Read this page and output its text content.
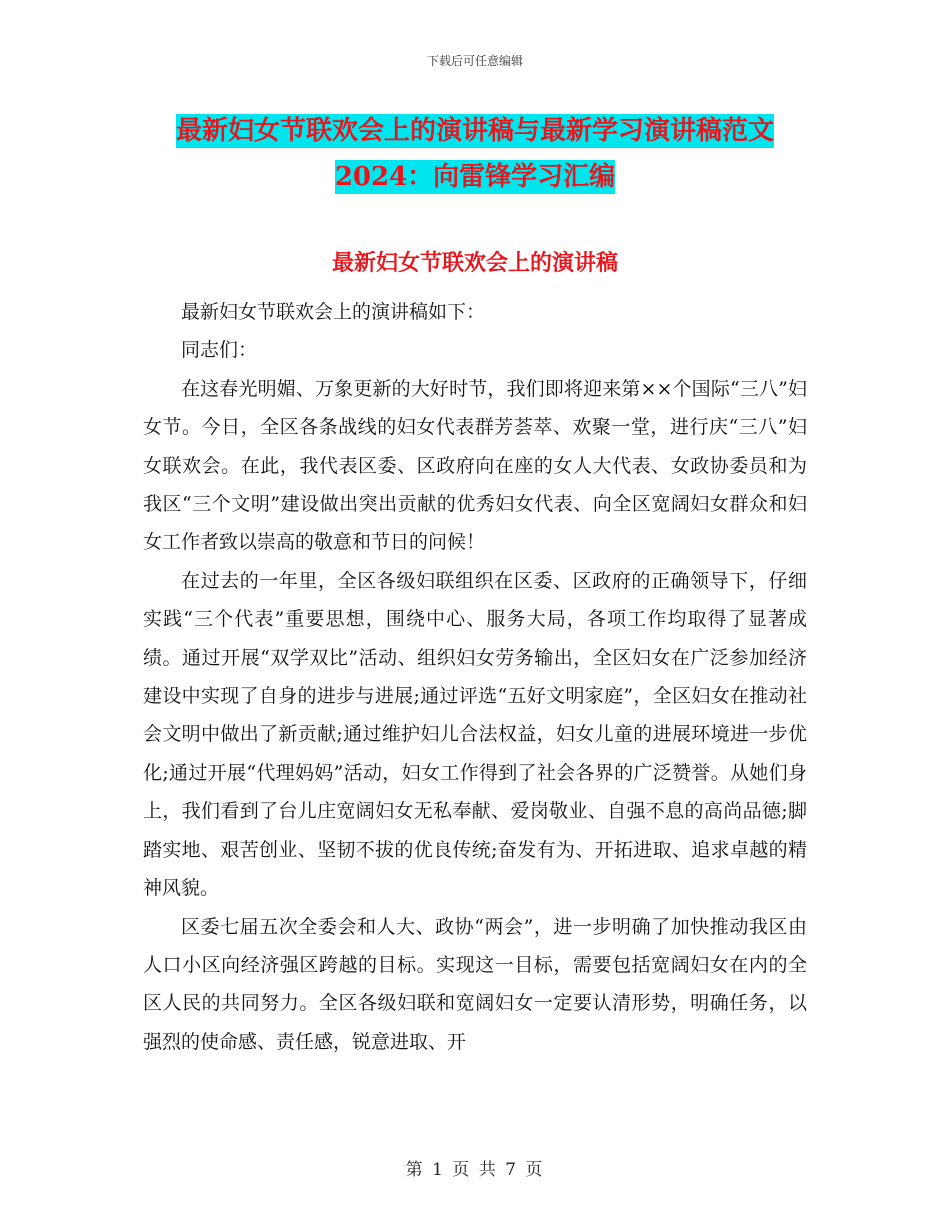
下载后可任意编辑
最新妇女节联欢会上的演讲稿与最新学习演讲稿范文
2024：向雷锋学习汇编
最新妇女节联欢会上的演讲稿

最新妇女节联欢会上的演讲稿如下：

同志们：

在这春光明媚、万象更新的大好时节，我们即将迎来第××个国际“三八”妇女节。今日，全区各条战线的妇女代表群芳荟萃、欢聚一堂，进行庆“三八”妇女联欢会。在此，我代表区委、区政府向在座的女人大代表、女政协委员和为我区“三个文明”建设做出突出贡献的优秀妇女代表、向全区宽阔妇女群众和妇女工作者致以崇高的敬意和节日的问候！

在过去的一年里，全区各级妇联组织在区委、区政府的正确领导下，仔细实践“三个代表”重要思想，围绕中心、服务大局，各项工作均取得了显著成绩。通过开展“双学双比”活动、组织妇女劳务输出，全区妇女在广泛参加经济建设中实现了自身的进步与进展;通过评选“五好文明家庭”，全区妇女在推动社会文明中做出了新贡献;通过维护妇儿合法权益，妇女儿童的进展环境进一步优化;通过开展“代理妈妈”活动，妇女工作得到了社会各界的广泛赞誉。从她们身上，我们看到了台儿庄宽阔妇女无私奉献、爱岗敬业、自强不息的高尚品德;脚踏实地、艰苦创业、坚韧不拔的优良传统;奋发有为、开拓进取、追求卓越的精神风貌。

区委七届五次全委会和人大、政协“两会”，进一步明确了加快推动我区由人口小区向经济强区跨越的目标。实现这一目标，需要包括宽阔妇女在内的全区人民的共同努力。全区各级妇联和宽阔妇女一定要认清形势，明确任务，以强烈的使命感、责任感，锐意进取、开

第 1 页 共 7 页
